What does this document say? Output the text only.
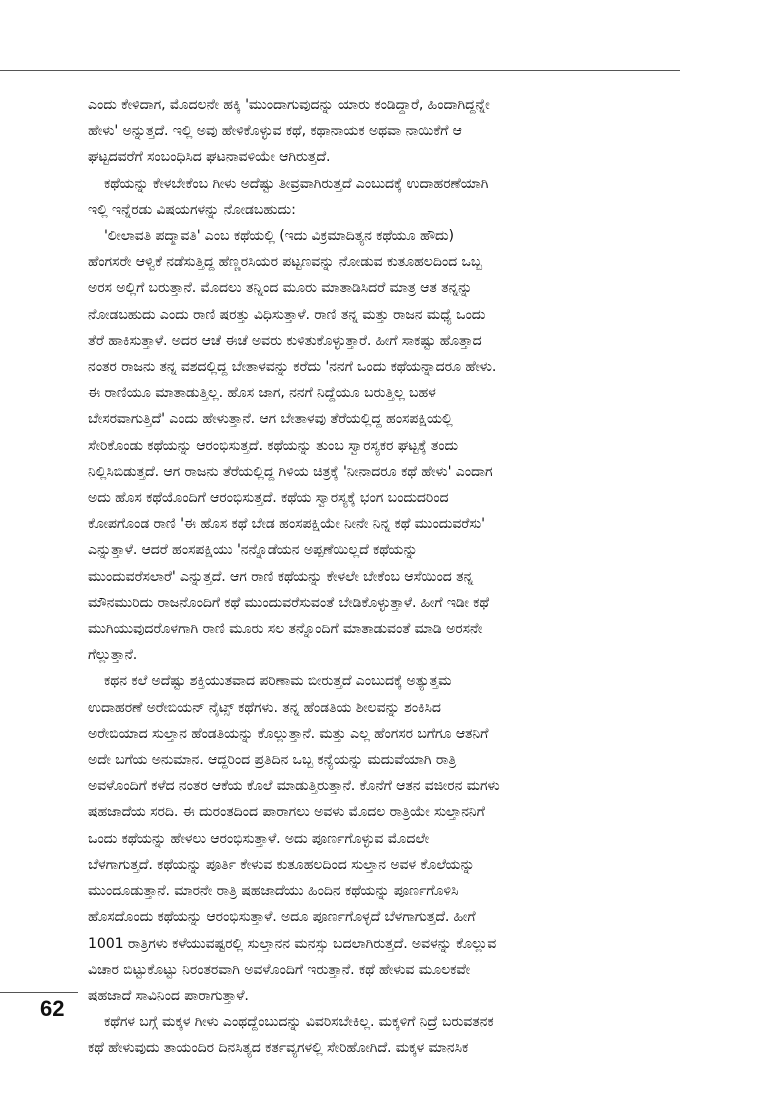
ಎಂದು ಕೇಳಿದಾಗ, ಮೊದಲನೇ ಹಕ್ಕಿ 'ಮುಂದಾಗುವುದನ್ನು ಯಾರು ಕಂಡಿದ್ದಾರೆ, ಹಿಂದಾಗಿದ್ದನ್ನೇ
ಹೇಳು' ಅನ್ನುತ್ತದೆ. ಇಲ್ಲಿ ಅವು ಹೇಳಿಕೊಳ್ಳುವ ಕಥೆ, ಕಥಾನಾಯಕ ಅಥವಾ ನಾಯಿಕೆಗೆ ಆ
ಘಟ್ಟದವರೆಗೆ ಸಂಬಂಧಿಸಿದ ಘಟನಾವಳಿಯೇ ಆಗಿರುತ್ತದೆ.

ಕಥೆಯನ್ನು ಕೇಳಬೇಕೆಂಬ ಗೀಳು ಅದೆಷ್ಟು ತೀವ್ರವಾಗಿರುತ್ತದೆ ಎಂಬುದಕ್ಕೆ ಉದಾಹರಣೆಯಾಗಿ
ಇಲ್ಲಿ ಇನ್ನೆರಡು ವಿಷಯಗಳನ್ನು ನೋಡಬಹುದು:

'ಲೀಲಾವತಿ ಪದ್ಮಾವತಿ' ಎಂಬ ಕಥೆಯಲ್ಲಿ (ಇದು ವಿಕ್ರಮಾದಿತ್ಯನ ಕಥೆಯೂ ಹೌದು)
ಹೆಂಗಸರೇ ಆಳ್ವಿಕೆ ನಡೆಸುತ್ತಿದ್ದ ಹೆಣ್ಣರಸಿಯರ ಪಟ್ಟಣವನ್ನು ನೋಡುವ ಕುತೂಹಲದಿಂದ ಒಬ್ಬ
ಅರಸ ಅಲ್ಲಿಗೆ ಬರುತ್ತಾನೆ. ಮೊದಲು ತನ್ನಿಂದ ಮೂರು ಮಾತಾಡಿಸಿದರೆ ಮಾತ್ರ ಆತ ತನ್ನನ್ನು
ನೋಡಬಹುದು ಎಂದು ರಾಣಿ ಷರತ್ತು ವಿಧಿಸುತ್ತಾಳೆ. ರಾಣಿ ತನ್ನ ಮತ್ತು ರಾಜನ ಮಧ್ಯೆ ಒಂದು
ತೆರೆ ಹಾಕಿಸುತ್ತಾಳೆ. ಅದರ ಆಚೆ ಈಚೆ ಅವರು ಕುಳಿತುಕೊಳ್ಳುತ್ತಾರೆ. ಹೀಗೆ ಸಾಕಷ್ಟು ಹೊತ್ತಾದ
ನಂತರ ರಾಜನು ತನ್ನ ವಶದಲ್ಲಿದ್ದ ಬೇತಾಳವನ್ನು ಕರೆದು 'ನನಗೆ ಒಂದು ಕಥೆಯನ್ನಾದರೂ ಹೇಳು.
ಈ ರಾಣಿಯೂ ಮಾತಾಡುತ್ತಿಲ್ಲ. ಹೊಸ ಜಾಗ, ನನಗೆ ನಿದ್ದೆಯೂ ಬರುತ್ತಿಲ್ಲ ಬಹಳ
ಬೇಸರವಾಗುತ್ತಿದೆ' ಎಂದು ಹೇಳುತ್ತಾನೆ. ಆಗ ಬೇತಾಳವು ತೆರೆಯಲ್ಲಿದ್ದ ಹಂಸಪಕ್ಷಿಯಲ್ಲಿ
ಸೇರಿಕೊಂಡು ಕಥೆಯನ್ನು ಆರಂಭಿಸುತ್ತದೆ. ಕಥೆಯನ್ನು ತುಂಬ ಸ್ವಾರಸ್ಯಕರ ಘಟ್ಟಕ್ಕೆ ತಂದು
ನಿಲ್ಲಿಸಿಬಿಡುತ್ತದೆ. ಆಗ ರಾಜನು ತೆರೆಯಲ್ಲಿದ್ದ ಗಿಳಿಯ ಚಿತ್ರಕ್ಕೆ 'ನೀನಾದರೂ ಕಥೆ ಹೇಳು' ಎಂದಾಗ
ಅದು ಹೊಸ ಕಥೆಯೊಂದಿಗೆ ಆರಂಭಿಸುತ್ತದೆ. ಕಥೆಯ ಸ್ವಾರಸ್ಯಕ್ಕೆ ಭಂಗ ಬಂದುದರಿಂದ
ಕೋಪಗೊಂಡ ರಾಣಿ 'ಈ ಹೊಸ ಕಥೆ ಬೇಡ ಹಂಸಪಕ್ಷಿಯೇ ನೀನೇ ನಿನ್ನ ಕಥೆ ಮುಂದುವರೆಸು'
ಎನ್ನುತ್ತಾಳೆ. ಆದರೆ ಹಂಸಪಕ್ಷಿಯು 'ನನ್ನೊಡೆಯನ ಅಪ್ಪಣೆಯಿಲ್ಲದೆ ಕಥೆಯನ್ನು
ಮುಂದುವರೆಸಲಾರೆ' ಎನ್ನುತ್ತದೆ. ಆಗ ರಾಣಿ ಕಥೆಯನ್ನು ಕೇಳಲೇ ಬೇಕೆಂಬ ಆಸೆಯಿಂದ ತನ್ನ
ಮೌನಮುರಿದು ರಾಜನೊಂದಿಗೆ ಕಥೆ ಮುಂದುವರೆಸುವಂತೆ ಬೇಡಿಕೊಳ್ಳುತ್ತಾಳೆ. ಹೀಗೆ ಇಡೀ ಕಥೆ
ಮುಗಿಯುವುದರೊಳಗಾಗಿ ರಾಣಿ ಮೂರು ಸಲ ತನ್ನೊಂದಿಗೆ ಮಾತಾಡುವಂತೆ ಮಾಡಿ ಅರಸನೇ
ಗೆಲ್ಲುತ್ತಾನೆ.

ಕಥನ ಕಲೆ ಅದೆಷ್ಟು ಶಕ್ತಿಯುತವಾದ ಪರಿಣಾಮ ಬೀರುತ್ತದೆ ಎಂಬುದಕ್ಕೆ ಅತ್ಯುತ್ತಮ
ಉದಾಹರಣೆ ಅರೇಬಿಯನ್ ನೈಟ್ಸ್ ಕಥೆಗಳು. ತನ್ನ ಹೆಂಡತಿಯ ಶೀಲವನ್ನು ಶಂಕಿಸಿದ
ಅರೇಬಿಯಾದ ಸುಲ್ತಾನ ಹೆಂಡತಿಯನ್ನು ಕೊಲ್ಲುತ್ತಾನೆ. ಮತ್ತು ಎಲ್ಲ ಹೆಂಗಸರ ಬಗೆಗೂ ಆತನಿಗೆ
ಅದೇ ಬಗೆಯ ಅನುಮಾನ. ಆದ್ದರಿಂದ ಪ್ರತಿದಿನ ಒಬ್ಬ ಕನ್ಯೆಯನ್ನು ಮದುವೆಯಾಗಿ ರಾತ್ರಿ
ಅವಳೊಂದಿಗೆ ಕಳೆದ ನಂತರ ಆಕೆಯ ಕೊಲೆ ಮಾಡುತ್ತಿರುತ್ತಾನೆ. ಕೊನೆಗೆ ಆತನ ವಜೀರನ ಮಗಳು
ಷಹಜಾದೆಯ ಸರದಿ. ಈ ದುರಂತದಿಂದ ಪಾರಾಗಲು ಅವಳು ಮೊದಲ ರಾತ್ರಿಯೇ ಸುಲ್ತಾನನಿಗೆ
ಒಂದು ಕಥೆಯನ್ನು ಹೇಳಲು ಆರಂಭಿಸುತ್ತಾಳೆ. ಅದು ಪೂರ್ಣಗೊಳ್ಳುವ ಮೊದಲೇ
ಬೆಳಗಾಗುತ್ತದೆ. ಕಥೆಯನ್ನು ಪೂರ್ತಿ ಕೇಳುವ ಕುತೂಹಲದಿಂದ ಸುಲ್ತಾನ ಅವಳ ಕೊಲೆಯನ್ನು
ಮುಂದೂಡುತ್ತಾನೆ. ಮಾರನೇ ರಾತ್ರಿ ಷಹಜಾದೆಯು ಹಿಂದಿನ ಕಥೆಯನ್ನು ಪೂರ್ಣಗೊಳಿಸಿ
ಹೊಸದೊಂದು ಕಥೆಯನ್ನು ಆರಂಭಿಸುತ್ತಾಳೆ. ಅದೂ ಪೂರ್ಣಗೊಳ್ಳದೆ ಬೆಳಗಾಗುತ್ತದೆ. ಹೀಗೆ
1001 ರಾತ್ರಿಗಳು ಕಳೆಯುವಷ್ಟರಲ್ಲಿ ಸುಲ್ತಾನನ ಮನಸ್ಸು ಬದಲಾಗಿರುತ್ತದೆ. ಅವಳನ್ನು ಕೊಲ್ಲುವ
ವಿಚಾರ ಬಿಟ್ಟುಕೊಟ್ಟು ನಿರಂತರವಾಗಿ ಅವಳೊಂದಿಗೆ ಇರುತ್ತಾನೆ. ಕಥೆ ಹೇಳುವ ಮೂಲಕವೇ
ಷಹಜಾದೆ ಸಾವಿನಿಂದ ಪಾರಾಗುತ್ತಾಳೆ.

ಕಥೆಗಳ ಬಗ್ಗೆ ಮಕ್ಕಳ ಗೀಳು ಎಂಥದ್ದೆಂಬುದನ್ನು ವಿವರಿಸಬೇಕಿಲ್ಲ. ಮಕ್ಕಳಿಗೆ ನಿದ್ರೆ ಬರುವತನಕ
ಕಥೆ ಹೇಳುವುದು ತಾಯಂದಿರ ದಿನಸಿತ್ಯದ ಕರ್ತವ್ಯಗಳಲ್ಲಿ ಸೇರಿಹೋಗಿದೆ. ಮಕ್ಕಳ ಮಾನಸಿಕ

62
